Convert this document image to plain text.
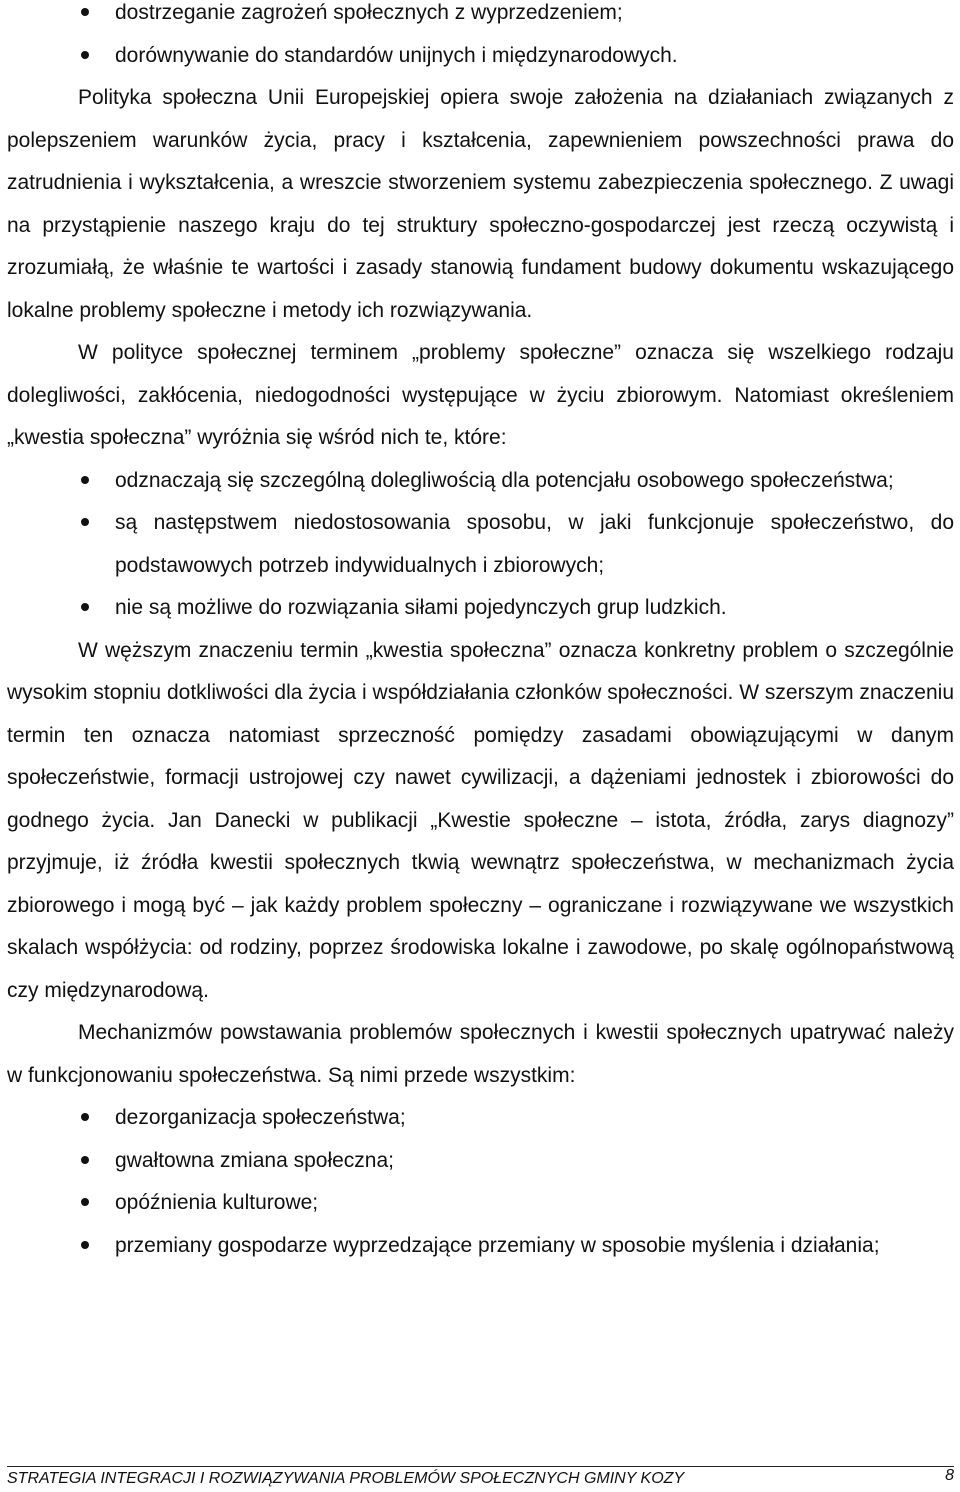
dostrzeganie zagrożeń społecznych z wyprzedzeniem;
dorównywanie do standardów unijnych i międzynarodowych.

Polityka społeczna Unii Europejskiej opiera swoje założenia na działaniach związanych z polepszeniem warunków życia, pracy i kształcenia, zapewnieniem powszechności prawa do zatrudnienia i wykształcenia, a wreszcie stworzeniem systemu zabezpieczenia społecznego. Z uwagi na przystąpienie naszego kraju do tej struktury społeczno-gospodarczej jest rzeczą oczywistą i zrozumiałą, że właśnie te wartości i zasady stanowią fundament budowy dokumentu wskazującego lokalne problemy społeczne i metody ich rozwiązywania.

W polityce społecznej terminem „problemy społeczne” oznacza się wszelkiego rodzaju dolegliwości, zakłócenia, niedogodności występujące w życiu zbiorowym. Natomiast określeniem „kwestia społeczna” wyróżnia się wśród nich te, które:

odznaczają się szczególną dolegliwością dla potencjału osobowego społeczeństwa;
są następstwem niedostosowania sposobu, w jaki funkcjonuje społeczeństwo, do podstawowych potrzeb indywidualnych i zbiorowych;
nie są możliwe do rozwiązania siłami pojedynczych grup ludzkich.

W węższym znaczeniu termin „kwestia społeczna” oznacza konkretny problem o szczególnie wysokim stopniu dotkliwości dla życia i współdziałania członków społeczności. W szerszym znaczeniu termin ten oznacza natomiast sprzeczność pomiędzy zasadami obowiązującymi w danym społeczeństwie, formacji ustrojowej czy nawet cywilizacji, a dążeniami jednostek i zbiorowości do godnego życia. Jan Danecki w publikacji „Kwestie społeczne – istota, źródła, zarys diagnozy” przyjmuje, iż źródła kwestii społecznych tkwią wewnątrz społeczeństwa, w mechanizmach życia zbiorowego i mogą być – jak każdy problem społeczny – ograniczane i rozwiązywane we wszystkich skalach współżycia: od rodziny, poprzez środowiska lokalne i zawodowe, po skalę ogólnopaństwową czy międzynarodową.

Mechanizmów powstawania problemów społecznych i kwestii społecznych upatrywać należy w funkcjonowaniu społeczeństwa. Są nimi przede wszystkim:

dezorganizacja społeczeństwa;
gwałtowna zmiana społeczna;
opóźnienia kulturowe;
przemiany gospodarze wyprzedzające przemiany w sposobie myślenia i działania;
STRATEGIA INTEGRACJI I ROZWIĄZYWANIA PROBLEMÓW SPOŁECZNYCH GMINY KOZY	8
